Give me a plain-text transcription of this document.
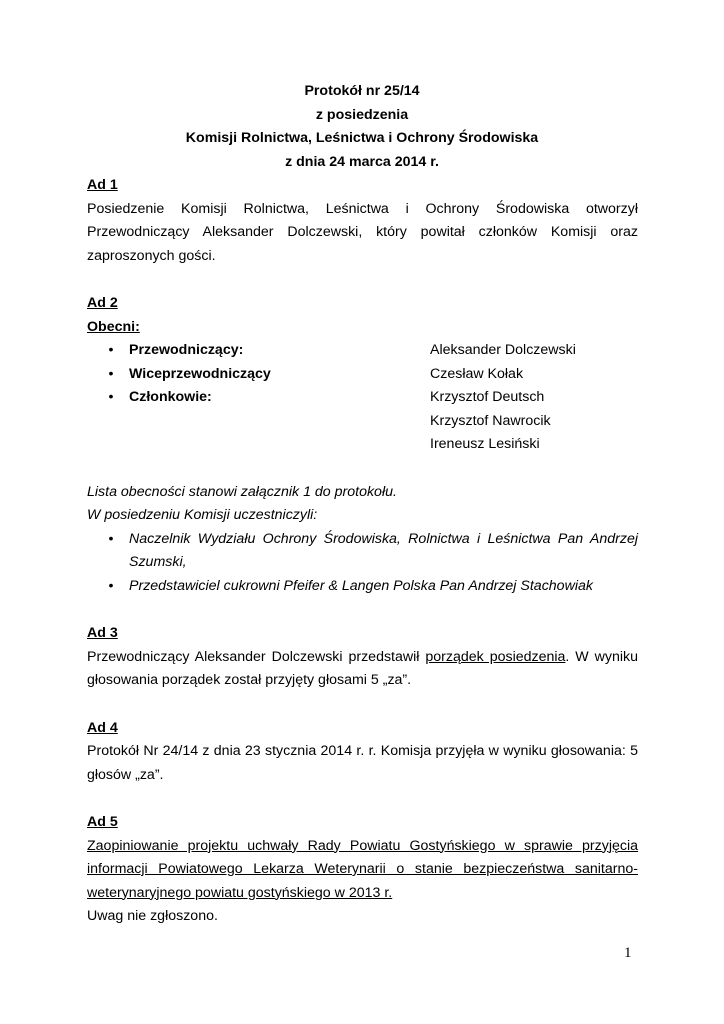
Protokół nr 25/14
z posiedzenia
Komisji Rolnictwa, Leśnictwa i Ochrony Środowiska
z dnia 24 marca 2014 r.

Ad 1

Posiedzenie Komisji Rolnictwa, Leśnictwa i Ochrony Środowiska otworzył Przewodniczący Aleksander Dolczewski, który powitał członków Komisji oraz zaproszonych gości.

Ad 2

Obecni:

• Przewodniczący:	Aleksander Dolczewski
• Wiceprzewodniczący	Czesław Kołak
• Członkowie:	Krzysztof Deutsch
Krzysztof Nawrocik
Ireneusz Lesiński

Lista obecności stanowi załącznik 1 do protokołu.

W posiedzeniu Komisji uczestniczyli:

• Naczelnik Wydziału Ochrony Środowiska, Rolnictwa i Leśnictwa Pan Andrzej Szumski,
• Przedstawiciel cukrowni Pfeifer & Langen Polska Pan Andrzej Stachowiak

Ad 3

Przewodniczący Aleksander Dolczewski przedstawił porządek posiedzenia. W wyniku głosowania porządek został przyjęty głosami 5 „za”.

Ad 4

Protokół Nr 24/14 z dnia 23 stycznia 2014 r. r. Komisja przyjęła w wyniku głosowania: 5 głosów „za”.

Ad 5

Zaopiniowanie projektu uchwały Rady Powiatu Gostyńskiego w sprawie przyjęcia informacji Powiatowego Lekarza Weterynarii o stanie bezpieczeństwa sanitarno-weterynaryjnego powiatu gostyńskiego w 2013 r.

Uwag nie zgłoszono.

1
